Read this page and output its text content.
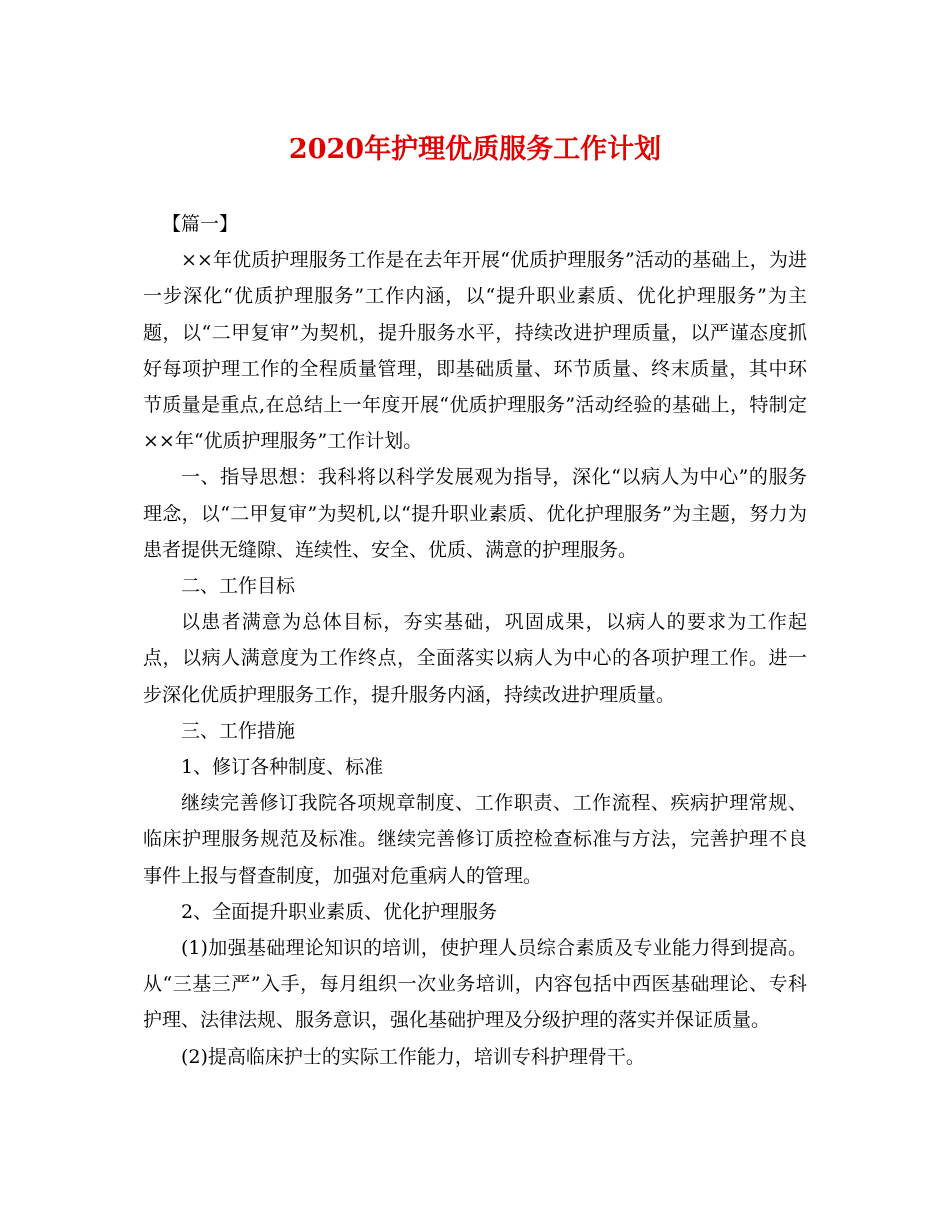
2020年护理优质服务工作计划

【篇一】

××年优质护理服务工作是在去年开展“优质护理服务”活动的基础上，为进一步深化“优质护理服务”工作内涵，以“提升职业素质、优化护理服务”为主题，以“二甲复审”为契机，提升服务水平，持续改进护理质量，以严谨态度抓好每项护理工作的全程质量管理，即基础质量、环节质量、终末质量，其中环节质量是重点,在总结上一年度开展“优质护理服务”活动经验的基础上，特制定××年“优质护理服务”工作计划。

一、指导思想：我科将以科学发展观为指导，深化“以病人为中心”的服务理念，以“二甲复审”为契机,以“提升职业素质、优化护理服务”为主题，努力为患者提供无缝隙、连续性、安全、优质、满意的护理服务。

二、工作目标

以患者满意为总体目标，夯实基础，巩固成果，以病人的要求为工作起点，以病人满意度为工作终点，全面落实以病人为中心的各项护理工作。进一步深化优质护理服务工作，提升服务内涵，持续改进护理质量。

三、工作措施

1、修订各种制度、标准

继续完善修订我院各项规章制度、工作职责、工作流程、疾病护理常规、临床护理服务规范及标准。继续完善修订质控检查标准与方法，完善护理不良事件上报与督查制度，加强对危重病人的管理。

2、全面提升职业素质、优化护理服务

(1)加强基础理论知识的培训，使护理人员综合素质及专业能力得到提高。从“三基三严”入手，每月组织一次业务培训，内容包括中西医基础理论、专科护理、法律法规、服务意识，强化基础护理及分级护理的落实并保证质量。

(2)提高临床护士的实际工作能力，培训专科护理骨干。
